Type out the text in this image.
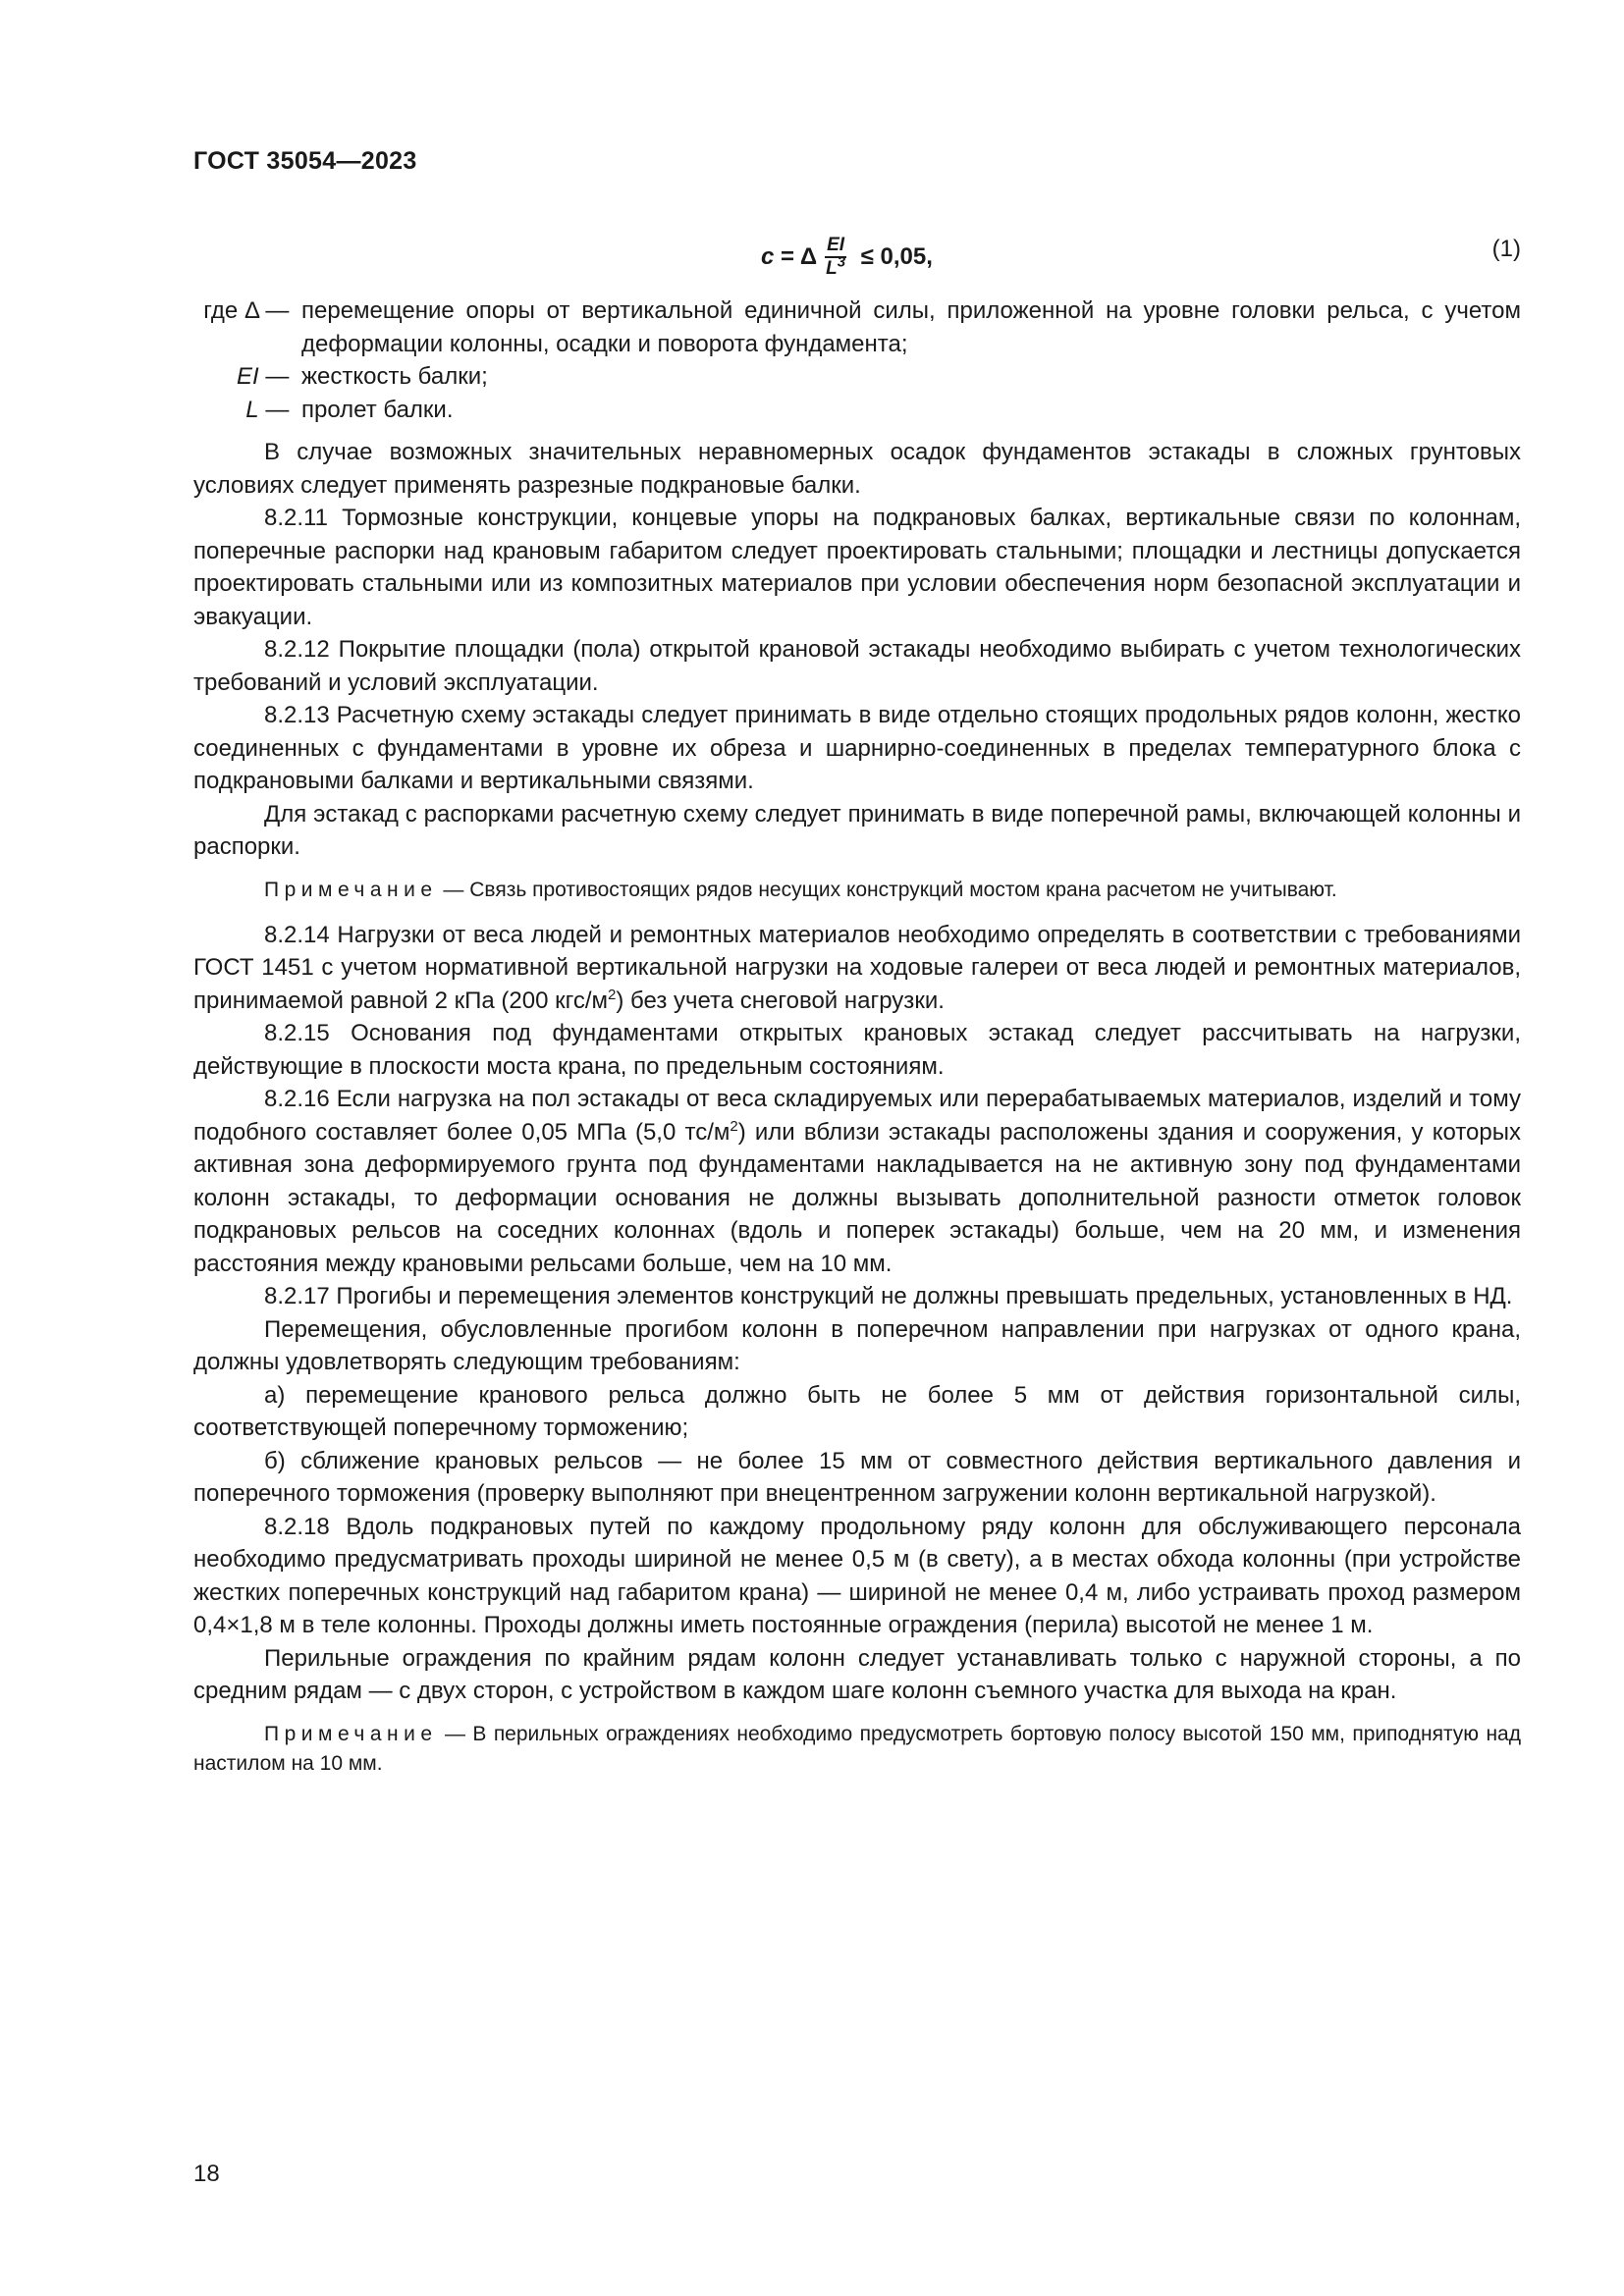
ГОСТ 35054—2023
c = Δ $\frac{EI}{L^3} \le 0,05$,	(1)
где Δ — перемещение опоры от вертикальной единичной силы, приложенной на уровне головки рельса, с учетом деформации колонны, осадки и поворота фундамента;
EI — жесткость балки;
L — пролет балки.

В случае возможных значительных неравномерных осадок фундаментов эстакады в сложных грунтовых условиях следует применять разрезные подкрановые балки.

8.2.11 Тормозные конструкции, концевые упоры на подкрановых балках, вертикальные связи по колоннам, поперечные распорки над крановым габаритом следует проектировать стальными; площадки и лестницы допускается проектировать стальными или из композитных материалов при условии обеспечения норм безопасной эксплуатации и эвакуации.

8.2.12 Покрытие площадки (пола) открытой крановой эстакады необходимо выбирать с учетом технологических требований и условий эксплуатации.

8.2.13 Расчетную схему эстакады следует принимать в виде отдельно стоящих продольных рядов колонн, жестко соединенных с фундаментами в уровне их обреза и шарнирно-соединенных в пределах температурного блока с подкрановыми балками и вертикальными связями.

Для эстакад с распорками расчетную схему следует принимать в виде поперечной рамы, включающей колонны и распорки.

Примечание — Связь противостоящих рядов несущих конструкций мостом крана расчетом не учитывают.

8.2.14 Нагрузки от веса людей и ремонтных материалов необходимо определять в соответствии с требованиями ГОСТ 1451 с учетом нормативной вертикальной нагрузки на ходовые галереи от веса людей и ремонтных материалов, принимаемой равной 2 кПа (200 кгс/$м^2$) без учета снеговой нагрузки.

8.2.15 Основания под фундаментами открытых крановых эстакад следует рассчитывать на нагрузки, действующие в плоскости моста крана, по предельным состояниям.

8.2.16 Если нагрузка на пол эстакады от веса складируемых или перерабатываемых материалов, изделий и тому подобного составляет более 0,05 МПа (5,0 $тс/м^2$) или вблизи эстакады расположены здания и сооружения, у которых активная зона деформируемого грунта под фундаментами накладывается на не активную зону под фундаментами колонн эстакады, то деформации основания не должны вызывать дополнительной разности отметок головок подкрановых рельсов на соседних колоннах (вдоль и поперек эстакады) больше, чем на 20 мм, и изменения расстояния между крановыми рельсами больше, чем на 10 мм.

8.2.17 Прогибы и перемещения элементов конструкций не должны превышать предельных, установленных в НД.

Перемещения, обусловленные прогибом колонн в поперечном направлении при нагрузках от одного крана, должны удовлетворять следующим требованиям:

а) перемещение кранового рельса должно быть не более 5 мм от действия горизонтальной силы, соответствующей поперечному торможению;

б) сближение крановых рельсов — не более 15 мм от совместного действия вертикального давления и поперечного торможения (проверку выполняют при внецентренном загружении колонн вертикальной нагрузкой).

8.2.18 Вдоль подкрановых путей по каждому продольному ряду колонн для обслуживающего персонала необходимо предусматривать проходы шириной не менее 0,5 м (в свету), а в местах обхода колонны (при устройстве жестких поперечных конструкций над габаритом крана) — шириной не менее 0,4 м, либо устраивать проход размером 0,4×1,8 м в теле колонны. Проходы должны иметь постоянные ограждения (перила) высотой не менее 1 м.

Перильные ограждения по крайним рядам колонн следует устанавливать только с наружной стороны, а по средним рядам — с двух сторон, с устройством в каждом шаге колонн съемного участка для выхода на кран.

Примечание — В перильных ограждениях необходимо предусмотреть бортовую полосу высотой 150 мм, приподнятую над настилом на 10 мм.
18
